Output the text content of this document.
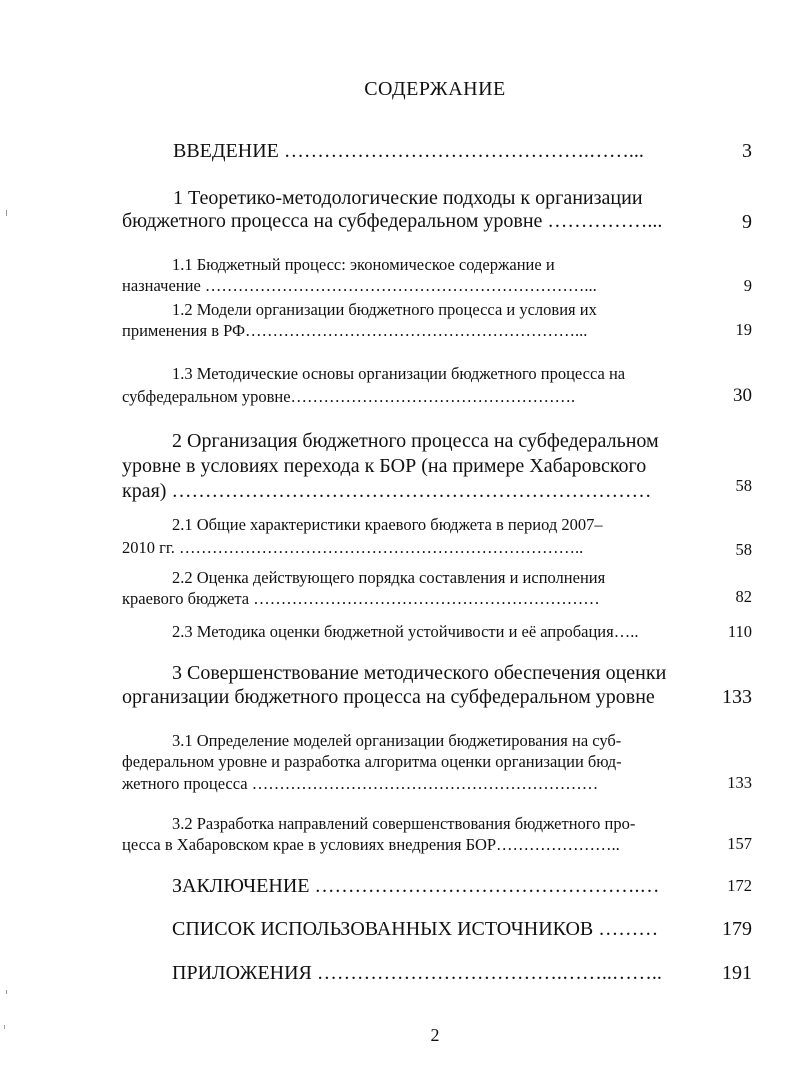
СОДЕРЖАНИЕ
ВВЕДЕНИЕ ……………………………………….……...	3
1 Теоретико-методологические подходы к организации
бюджетного процесса на субфедеральном уровне ……………...	9
1.1 Бюджетный процесс: экономическое содержание и
назначение ……………………………………………………………...	9
1.2 Модели организации бюджетного процесса и условия их
применения в РФ……………………………………………………...	19
1.3 Методические основы организации бюджетного процесса на
субфедеральном уровне…………………………………………….	30
2 Организация бюджетного процесса на субфедеральном
уровне в условиях перехода к БОР (на примере Хабаровского
края) ………………………………………………………………	58
2.1 Общие характеристики краевого бюджета в период 2007–
2010 гг. ………………………………………………………………..	58
2.2 Оценка действующего порядка составления и исполнения
краевого бюджета ………………………………………………………	82
2.3 Методика оценки бюджетной устойчивости и её апробация…..	110
3 Совершенствование методического обеспечения оценки
организации бюджетного процесса на субфедеральном уровне	133
3.1 Определение моделей организации бюджетирования на суб-
федеральном уровне и разработка алгоритма оценки организации бюд-
жетного процесса ………………………………………………………	133
3.2 Разработка направлений совершенствования бюджетного про-
цесса в Хабаровском крае в условиях внедрения БОР…………………..	157
ЗАКЛЮЧЕНИЕ ………………………………………….…	172
СПИСОК ИСПОЛЬЗОВАННЫХ ИСТОЧНИКОВ ………	179
ПРИЛОЖЕНИЯ ……………………………….……..……..	191
2
